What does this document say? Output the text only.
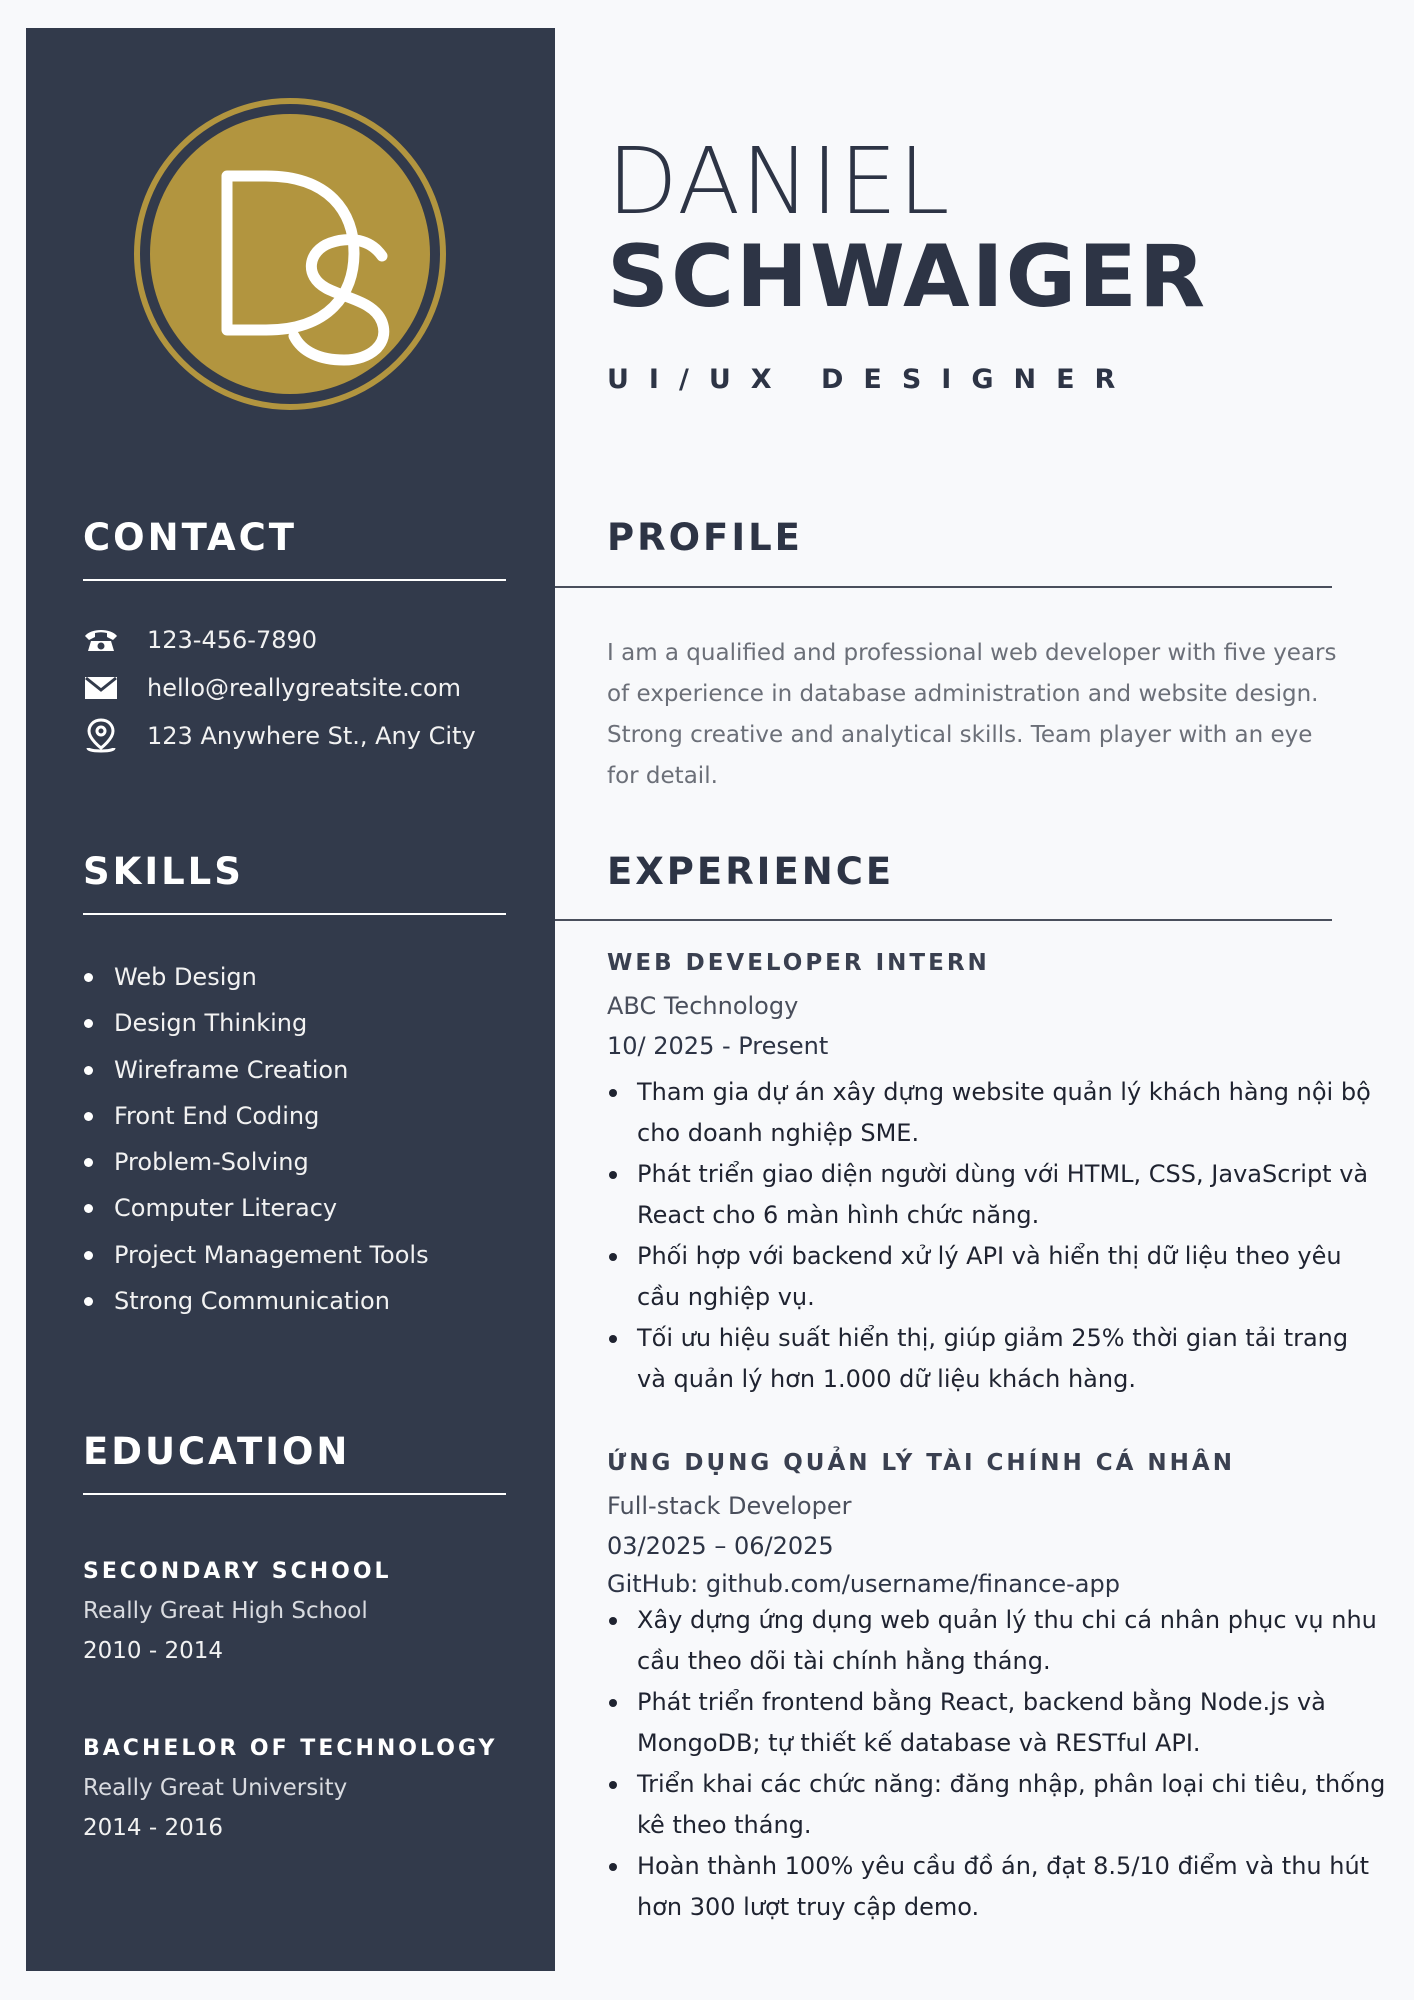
DS
CONTACT
123-456-7890
hello@reallygreatsite.com
123 Anywhere St., Any City
SKILLS
Web Design
Design Thinking
Wireframe Creation
Front End Coding
Problem-Solving
Computer Literacy
Project Management Tools
Strong Communication
EDUCATION
SECONDARY SCHOOL
Really Great High School
2010 - 2014
BACHELOR OF TECHNOLOGY
Really Great University
2014 - 2016
DANIEL
SCHWAIGER
UI/UX DESIGNER
PROFILE
I am a qualified and professional web developer with five years of experience in database administration and website design. Strong creative and analytical skills. Team player with an eye for detail.
EXPERIENCE
WEB DEVELOPER INTERN
ABC Technology
10/ 2025 - Present
Tham gia dự án xây dựng website quản lý khách hàng nội bộ cho doanh nghiệp SME.
Phát triển giao diện người dùng với HTML, CSS, JavaScript và React cho 6 màn hình chức năng.
Phối hợp với backend xử lý API và hiển thị dữ liệu theo yêu cầu nghiệp vụ.
Tối ưu hiệu suất hiển thị, giúp giảm 25% thời gian tải trang và quản lý hơn 1.000 dữ liệu khách hàng.
ỨNG DỤNG QUẢN LÝ TÀI CHÍNH CÁ NHÂN
Full-stack Developer
03/2025 – 06/2025
GitHub: github.com/username/finance-app
Xây dựng ứng dụng web quản lý thu chi cá nhân phục vụ nhu cầu theo dõi tài chính hằng tháng.
Phát triển frontend bằng React, backend bằng Node.js và MongoDB; tự thiết kế database và RESTful API.
Triển khai các chức năng: đăng nhập, phân loại chi tiêu, thống kê theo tháng.
Hoàn thành 100% yêu cầu đồ án, đạt 8.5/10 điểm và thu hút hơn 300 lượt truy cập demo.
